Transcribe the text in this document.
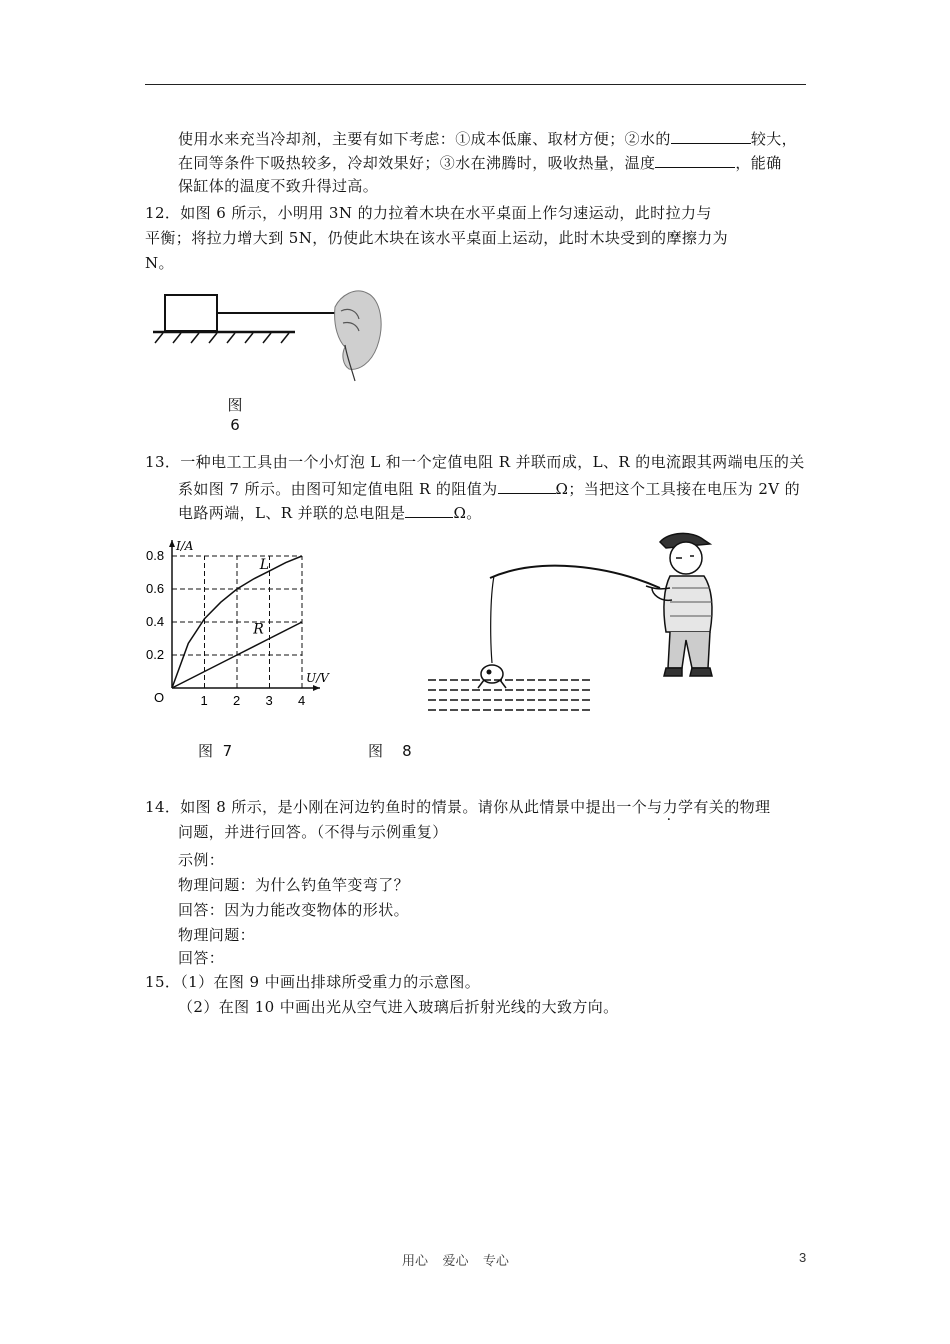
使用水来充当冷却剂，主要有如下考虑：①成本低廉、取材方便；②水的	较大，
在同等条件下吸热较多，冷却效果好；③水在沸腾时，吸收热量，温度	，能确
保缸体的温度不致升得过高。
12．如图 6 所示，小明用 3N 的力拉着木块在水平桌面上作匀速运动，此时拉力与
平衡；将拉力增大到 5N，仍使此木块在该水平桌面上运动，此时木块受到的摩擦力为
N。
图
6
13．一种电工工具由一个小灯泡 L 和一个定值电阻 R 并联而成，L、R 的电流跟其两端电压的关
系如图 7 所示。由图可知定值电阻 R 的阻值为	Ω；当把这个工具接在电压为 2V 的
电路两端，L、R 并联的总电阻是	Ω。
L
R
1 2 3 4
0.2
0.4
0.6
0.8
O
I/A
U/V
图 7	图 8
14．如图 8 所示，是小刚在河边钓鱼时的情景。请你从此情景中提出一个与力学有关的物理
问题，并进行回答。（不得与示例重复）
示例：
物理问题：为什么钓鱼竿变弯了？
回答：因为力能改变物体的形状。
物理问题：
回答：
15．（1）在图 9 中画出排球所受重力的示意图。
（2）在图 10 中画出光从空气进入玻璃后折射光线的大致方向。
用心    爱心    专心	3
